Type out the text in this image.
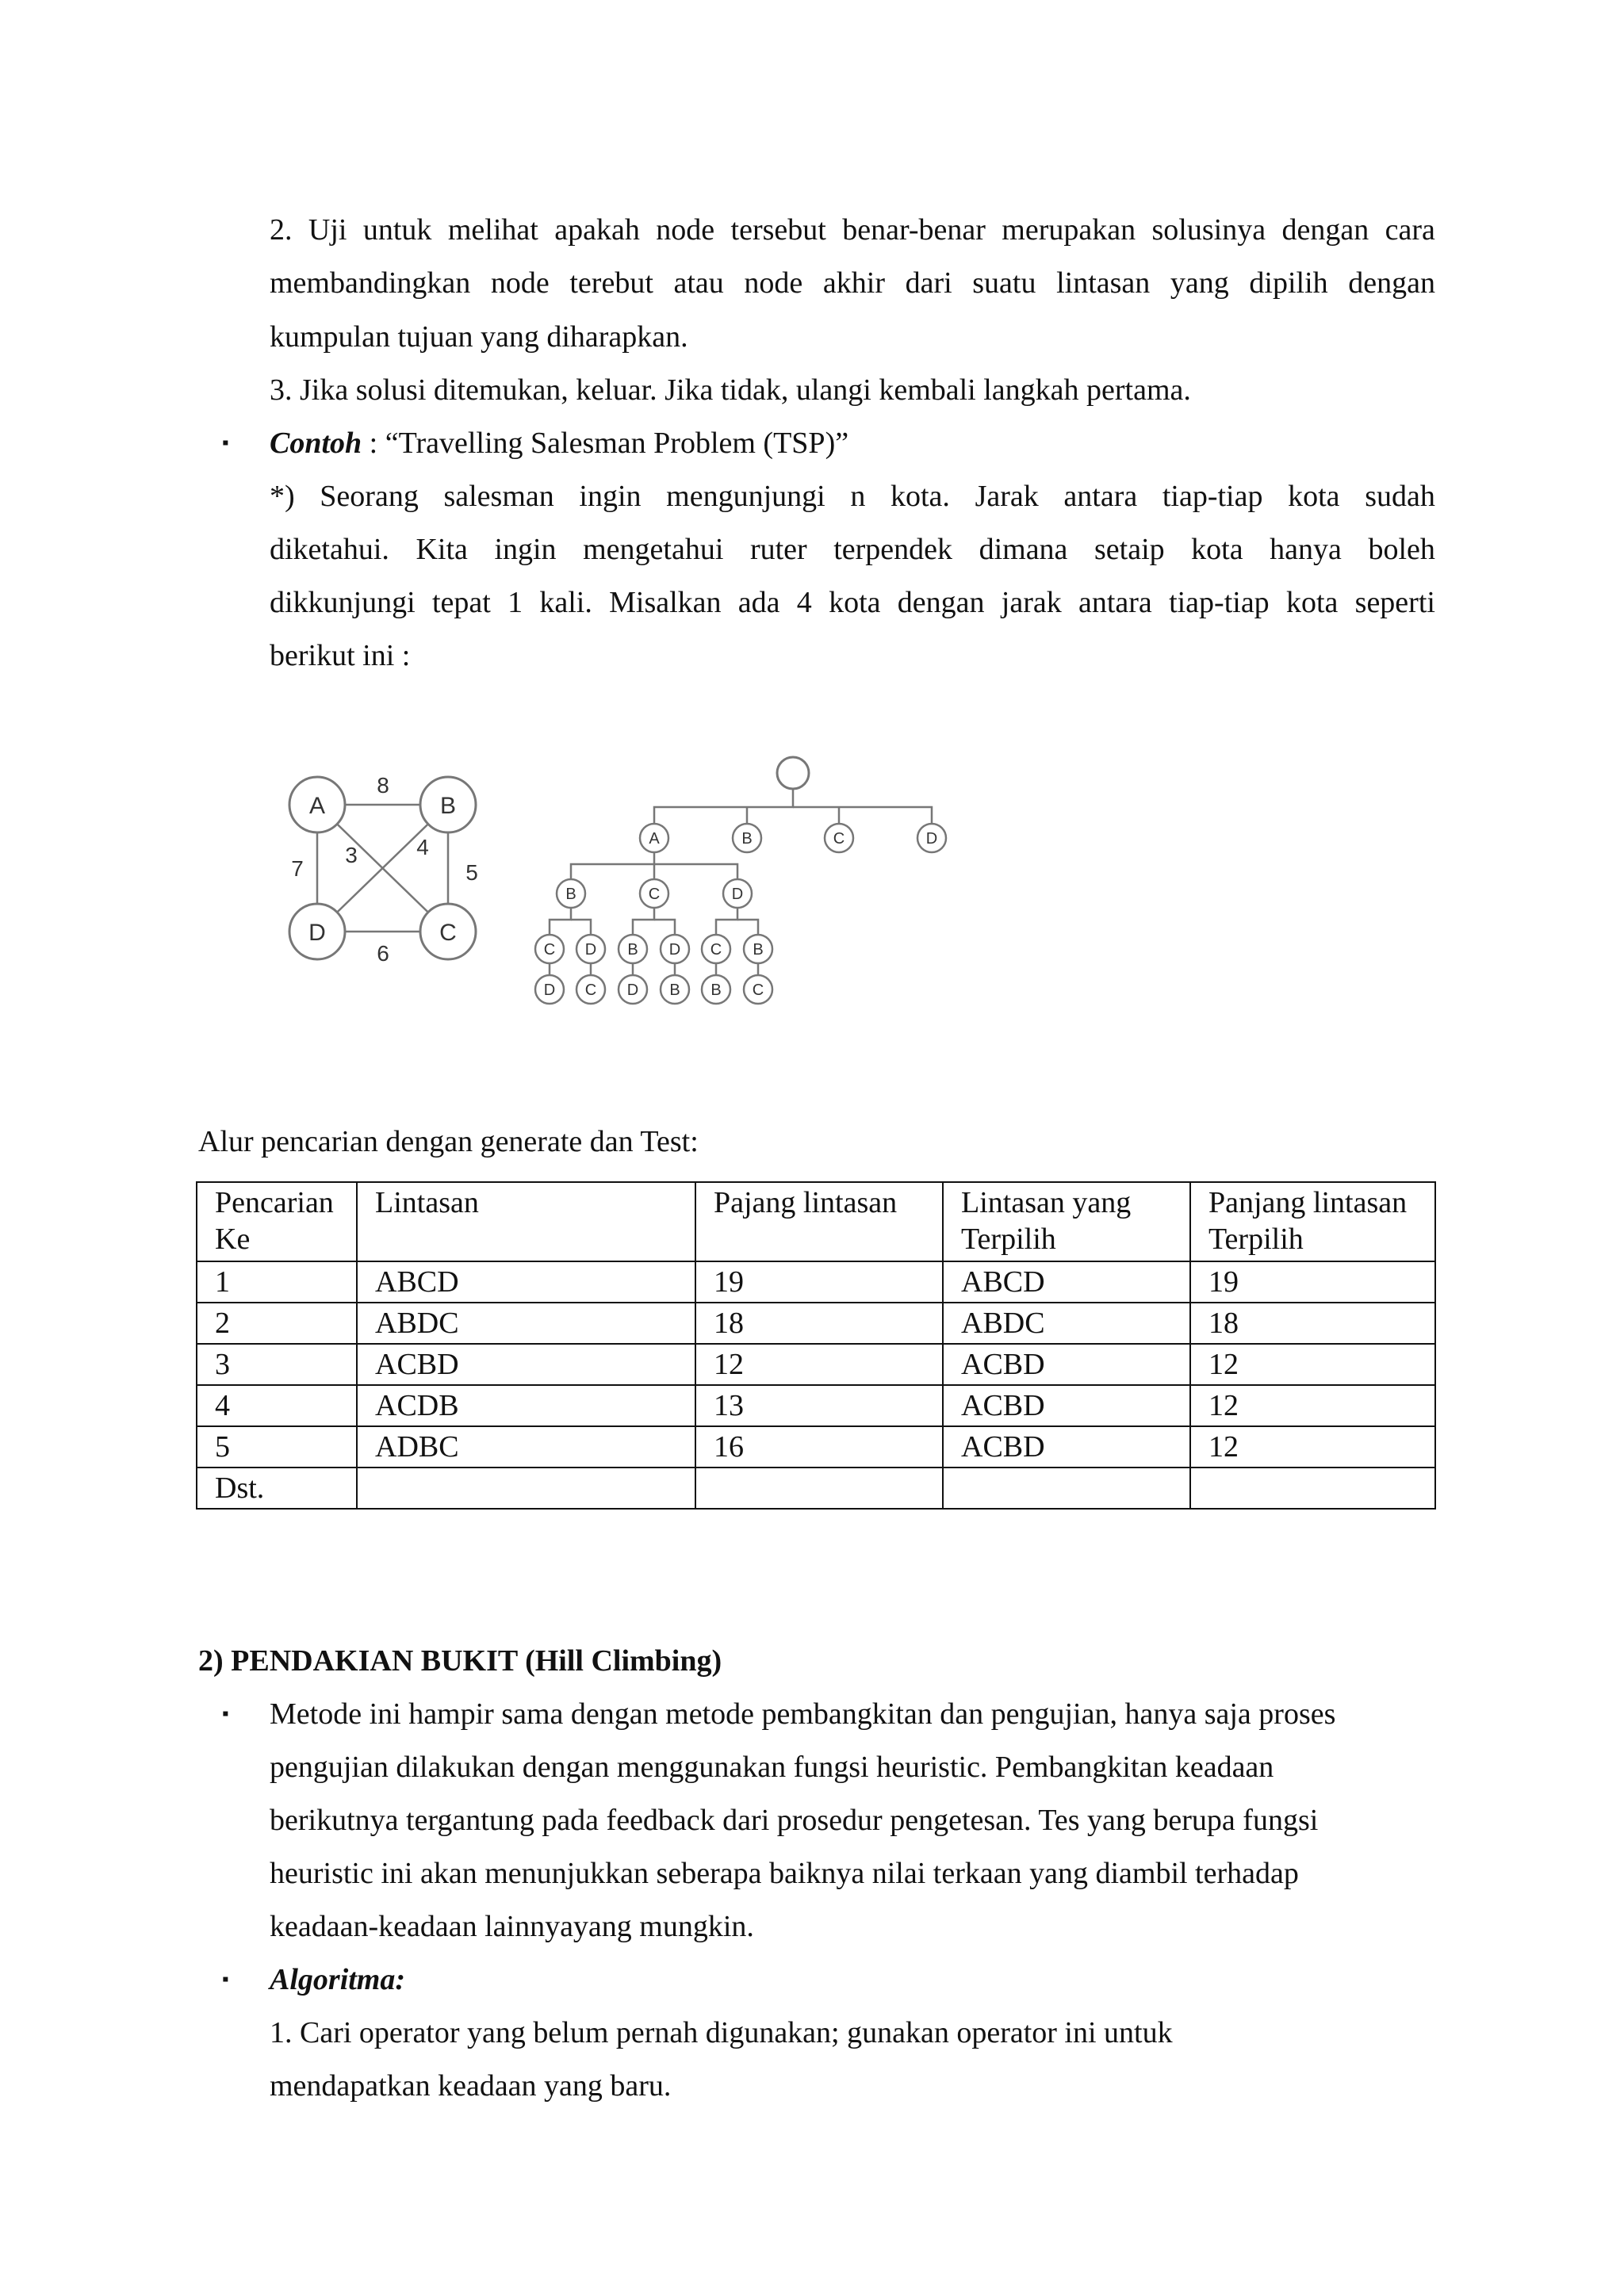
2. Uji untuk melihat apakah node tersebut benar-benar merupakan solusinya dengan cara
membandingkan node terebut atau node akhir dari suatu lintasan yang dipilih dengan
kumpulan tujuan yang diharapkan.
3. Jika solusi ditemukan, keluar. Jika tidak, ulangi kembali langkah pertama.
▪ Contoh : “Travelling Salesman Problem (TSP)”
*) Seorang salesman ingin mengunjungi n kota. Jarak antara tiap-tiap kota sudah
diketahui. Kita ingin mengetahui ruter terpendek dimana setaip kota hanya boleh
dikkunjungi tepat 1 kali. Misalkan ada 4 kota dengan jarak antara tiap-tiap kota seperti
berikut ini :
A	B
C
D
8
3	4
7	5
6
A	B	C	D
B	C	D
C D B D C B
D C D B B C
Alur pencarian dengan generate dan Test:
Pencarian Ke	Lintasan	Pajang lintasan	Lintasan yang Terpilih	Panjang lintasan Terpilih
1	ABCD	19	ABCD	19
2	ABDC	18	ABDC	18
3	ACBD	12	ACBD	12
4	ACDB	13	ACBD	12
5	ADBC	16	ACBD	12
Dst.				
2) PENDAKIAN BUKIT (Hill Climbing)
▪ Metode ini hampir sama dengan metode pembangkitan dan pengujian, hanya saja proses
pengujian dilakukan dengan menggunakan fungsi heuristic. Pembangkitan keadaan
berikutnya tergantung pada feedback dari prosedur pengetesan. Tes yang berupa fungsi
heuristic ini akan menunjukkan seberapa baiknya nilai terkaan yang diambil terhadap
keadaan-keadaan lainnyayang mungkin.
▪ Algoritma:
1. Cari operator yang belum pernah digunakan; gunakan operator ini untuk
mendapatkan keadaan yang baru.
